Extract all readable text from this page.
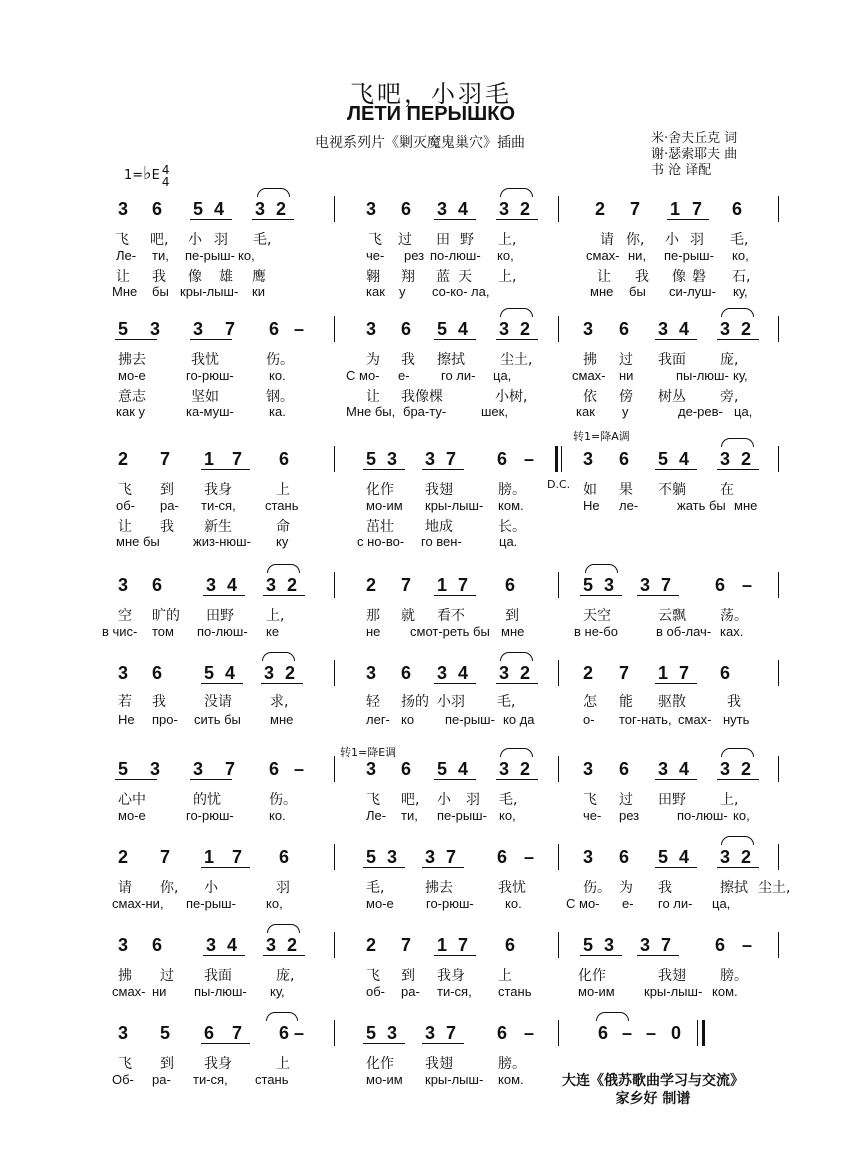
飞吧，小羽毛
ЛЕТИ ПЕРЫШКО
电视系列片《剿灭魔鬼巢穴》插曲	米·舍夫丘克 词
谢·瑟索耶夫 曲
书 沧 译配
1=♭E 4
4
转1=降A调
D.C.
转1=降E调
3 6 5 4 3 2	3 6 3 4 3 2	2 7 1 7 6
飞 吧, 小 羽 毛,	飞 过 田 野 上,	请 你, 小 羽 毛,
Ле- ти, пе-рыш- ко,	че- рез по-люш- ко,	смах- ни, пе-рыш- ко,
让 我 像 雄 鹰	翱 翔 蓝 天 上,	让 我 像 磐 石,
Мне бы кры-лыш- ки	как у со-ко- ла,	мне бы си-луш- ку,
5 3 3 7 6 –	3 6 5 4 3 2	3 6 3 4 3 2
拂去	我忧	伤。	为 我 擦拭	尘土,	拂 过 我面 庞,
мо-е	го-рюш-	ко.	С мо- е- го ли- ца,	смах- ни	пы-люш- ку,
意志	坚如	钢。	让 我像棵	小树,	依 傍 树丛 旁,
как у	ка-муш-	ка.	Мне бы, бра-ту-	шек,	как у	де-рев- ца,
2 7 1 7 6	5 3 3 7 6 –	3 6 5 4 3 2
飞 到 我身	上	化作 我翅	膀。	如 果 不躺 在
об- ра- ти-ся, стань	мо-им кры-лыш- ком.	Не ле-	жать бы мне
让 我 新生	命	茁壮 地成	长。
мне бы	жиз-нюш- ку	с но-во- го вен-	ца.
3 6 3 4 3 2	2 7 1 7 6	5 3 3 7 6 –
空 旷的 田野 上,	那 就 看不	到	天空	云飘 荡。
в чис- том по-люш- ке	не смот-реть бы мне	в не-бо	в об-лач- ках.
3 6 5 4 3 2	3 6 3 4 3 2	2 7 1 7 6
若 我	没请	求,	轻 扬的 小羽 毛,	怎 能 驱散	我
Не про- сить бы мне	лег- ко пе-рыш- ко да	о- тог-нать, смах- нуть
5 3 3 7 6 –	3 6 5 4 3 2	3 6 3 4 3 2
心中	的忧	伤。	飞 吧, 小 羽 毛,	飞 过 田野 上,
мо-е	го-рюш-	ко.	Ле- ти, пе-рыш- ко,	че- рез	по-люш- ко,
2 7 1 7 6	5 3 3 7 6 –	3 6 5 4 3 2
请 你, 小	羽	毛,	拂去	我忧	伤。 为 我	擦拭 尘土,
смах-ни, пе-рыш- ко,	мо-е го-рюш- ко.	С мо- е- го ли- ца,
3 6 3 4 3 2	2 7 1 7 6	5 3 3 7 6 –
拂 过 我面	庞,	飞 到 我身 上	化作	我翅 膀。
смах- ни пы-люш- ку,	об- ра- ти-ся, стань	мо-им кры-лыш- ком.
3 5 6 7 6 –	5 3 3 7 6 –	6 – – 0
飞 到 我身	上	化作 我翅	膀。
Об- ра- ти-ся, стань	мо-им кры-лыш- ком.	大连《俄苏歌曲学习与交流》
家乡好 制谱
